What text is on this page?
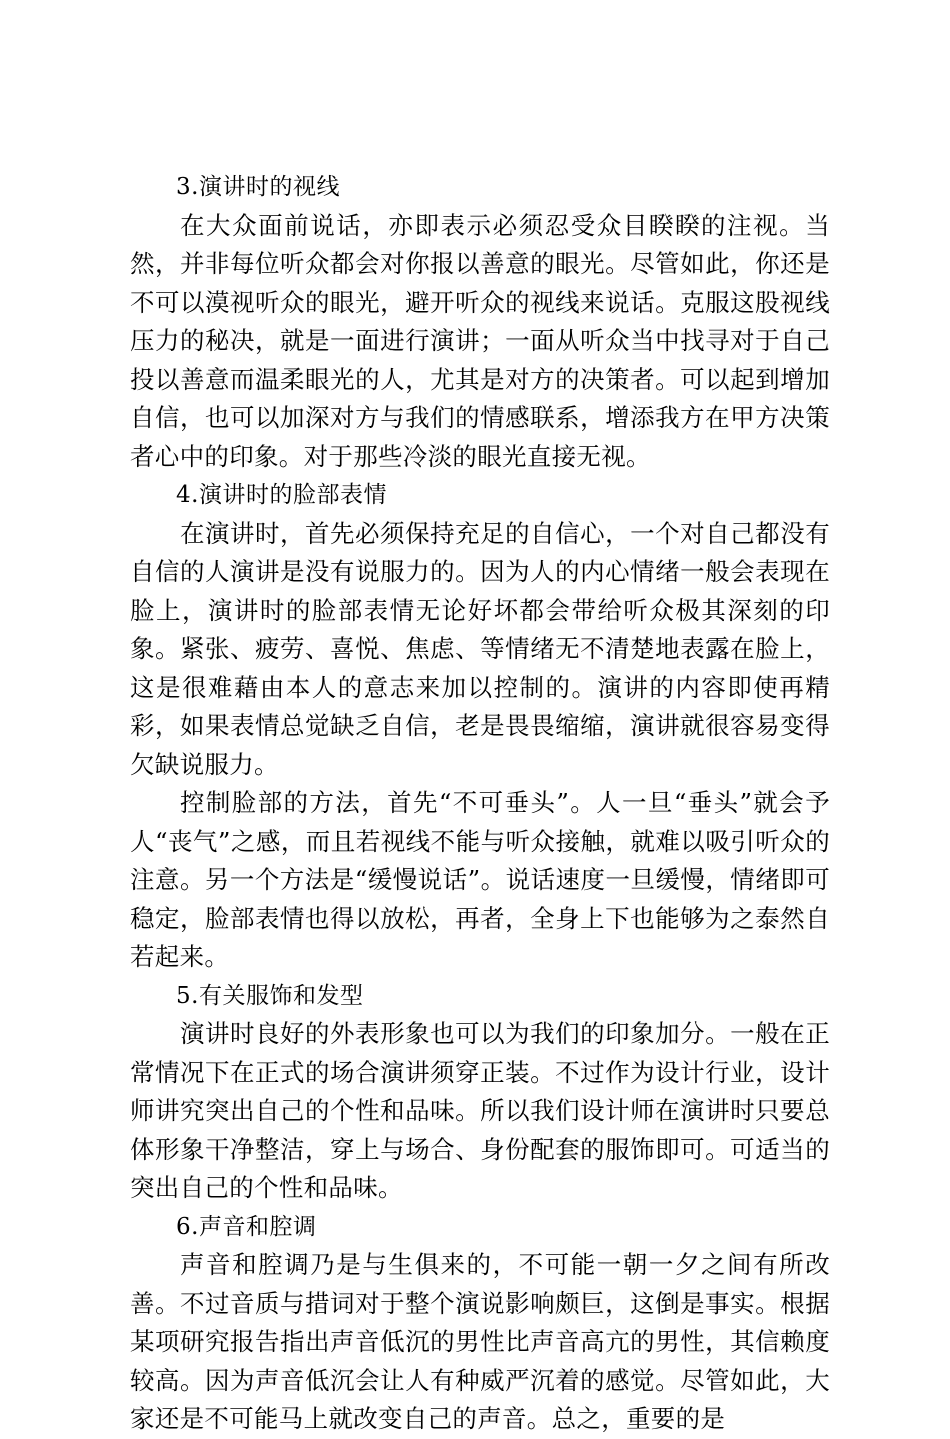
3.演讲时的视线

在大众面前说话，亦即表示必须忍受众目睽睽的注视。当然，并非每位听众都会对你报以善意的眼光。尽管如此，你还是不可以漠视听众的眼光，避开听众的视线来说话。克服这股视线压力的秘决，就是一面进行演讲；一面从听众当中找寻对于自己投以善意而温柔眼光的人，尤其是对方的决策者。可以起到增加自信，也可以加深对方与我们的情感联系，增添我方在甲方决策者心中的印象。对于那些冷淡的眼光直接无视。

4.演讲时的脸部表情

在演讲时，首先必须保持充足的自信心，一个对自己都没有自信的人演讲是没有说服力的。因为人的内心情绪一般会表现在脸上，演讲时的脸部表情无论好坏都会带给听众极其深刻的印象。紧张、疲劳、喜悦、焦虑、等情绪无不清楚地表露在脸上，这是很难藉由本人的意志来加以控制的。演讲的内容即使再精彩，如果表情总觉缺乏自信，老是畏畏缩缩，演讲就很容易变得欠缺说服力。

控制脸部的方法，首先“不可垂头”。人一旦“垂头”就会予人“丧气”之感，而且若视线不能与听众接触，就难以吸引听众的注意。另一个方法是“缓慢说话”。说话速度一旦缓慢，情绪即可稳定，脸部表情也得以放松，再者，全身上下也能够为之泰然自若起来。

5.有关服饰和发型

演讲时良好的外表形象也可以为我们的印象加分。一般在正常情况下在正式的场合演讲须穿正装。不过作为设计行业，设计师讲究突出自己的个性和品味。所以我们设计师在演讲时只要总体形象干净整洁，穿上与场合、身份配套的服饰即可。可适当的突出自己的个性和品味。

6.声音和腔调

声音和腔调乃是与生俱来的，不可能一朝一夕之间有所改善。不过音质与措词对于整个演说影响颇巨，这倒是事实。根据某项研究报告指出声音低沉的男性比声音高亢的男性，其信赖度较高。因为声音低沉会让人有种威严沉着的感觉。尽管如此，大家还是不可能马上就改变自己的声音。总之，重要的是
